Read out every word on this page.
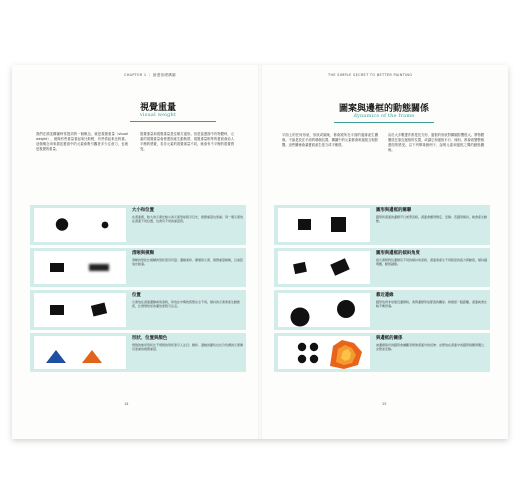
CHAPTER 1 ｜ 繪畫基礎構圖
視覺重量
visual weight
我們在描述構圖時常提到的一個概念，就是視覺重量（visual weight），就像有些重量看起來比較輕，有些看起來比較重。這個概念用來描述畫面中的元素會吸引觀者多少注意力，也就是視覺的重量。
視覺重量和視覺重量是往哪方邊形。但是當畫面中有物體時，元素的視覺重量會使畫面產生動態感，視覺重量相等的畫面會給人平衡的感覺，若各元素的視覺重量不同，就會有不平衡的視覺感受。
大小和位置
在畫面裡，較大的元素比較小的元素更能吸引目光，視覺重量也更重。同一個元素放在畫面不同位置，也會有不同的重量感。
清晰與模糊
清晰的形狀比模糊的形狀更有份量。邊緣柔和、漸層的元素，視覺重量較輕，且看起來比較遠。
位置
元素放在畫面邊緣或角落時，和放在中間的感覺完全不同。傾斜的元素會產生動態感，比規規矩矩的擺放更吸引注意。
形狀、位置與顏色
規則的幾何形狀比不規則的形狀更引人注目；飽和、溫暖的顏色也比冷色調的元素擁有更重的視覺重量。
14
THE SIMPLE SECRET TO BETTER PAINTING
圖案與邊框的動態關係
dynamics of the frame
平面上的任何形狀，形狀或圖案，都會跟所在平面的邊緣產生關係。不論是放在平面的哪個位置，構圖中的元素都會和邊框互相影響。這些關係會讓畫面產生張力或平衡感。
由於大多數畫作都是長方形，邊框的形狀對構圖影響很大。將物體擺放在靠近邊框的位置，或讓它和邊框平行、傾斜，都會改變整個畫面的感受。以下列舉幾個例子，說明元素和邊框之間的動態關係。
圖形與邊框的關聯
圖形和畫面的邊框平行或垂直時，畫面會顯得穩定、安靜；若圖形傾斜，就會產生動態。
圖形與邊框的傾斜角度
當元素相對於邊框有不同的傾斜角度時，畫面會產生不同程度的張力與動感，傾斜越明顯，動感越強。
靠近邊緣
圖形放得非常靠近邊框時，會與邊框形成緊張的關係；稍微留一點距離，畫面就會比較平衡舒適。
與邊框的關係
被邊框裁切的圖形會讓觀者想像畫面外的延伸；完整放在畫面中的圖形則顯得獨立、完整而安靜。
15
